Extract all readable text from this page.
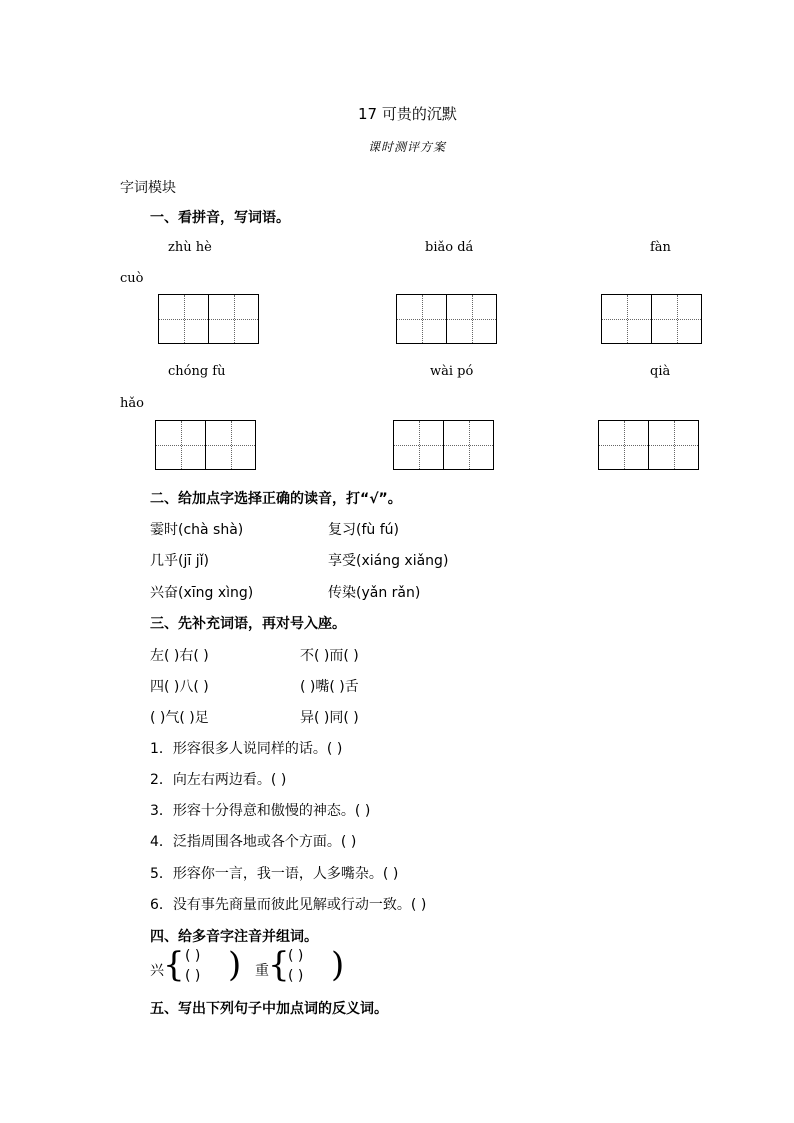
17 可贵的沉默
课时测评方案
字词模块
一、看拼音，写词语。
zhù hè	biǎo dá	fàn
cuò
chóng fù	wài pó	qià
hǎo
二、给加点字选择正确的读音，打“√”。
霎时(chà shà)	复习(fù fú)
几乎(jī jǐ)	享受(xiáng xiǎng)
兴奋(xīng xìng)	传染(yǎn rǎn)
三、先补充词语，再对号入座。
左( )右( )	不( )而( )
四( )八( )	( )嘴( )舌
( )气( )足	异( )同( )
1．形容很多人说同样的话。( )
2．向左右两边看。( )
3．形容十分得意和傲慢的神态。( )
4．泛指周围各地或各个方面。( )
5．形容你一言，我一语，人多嘴杂。( )
6．没有事先商量而彼此见解或行动一致。( )
四、给多音字注音并组词。
兴 { ( )
( ) ) 重 {
( )
( ) )
五、写出下列句子中加点词的反义词。
